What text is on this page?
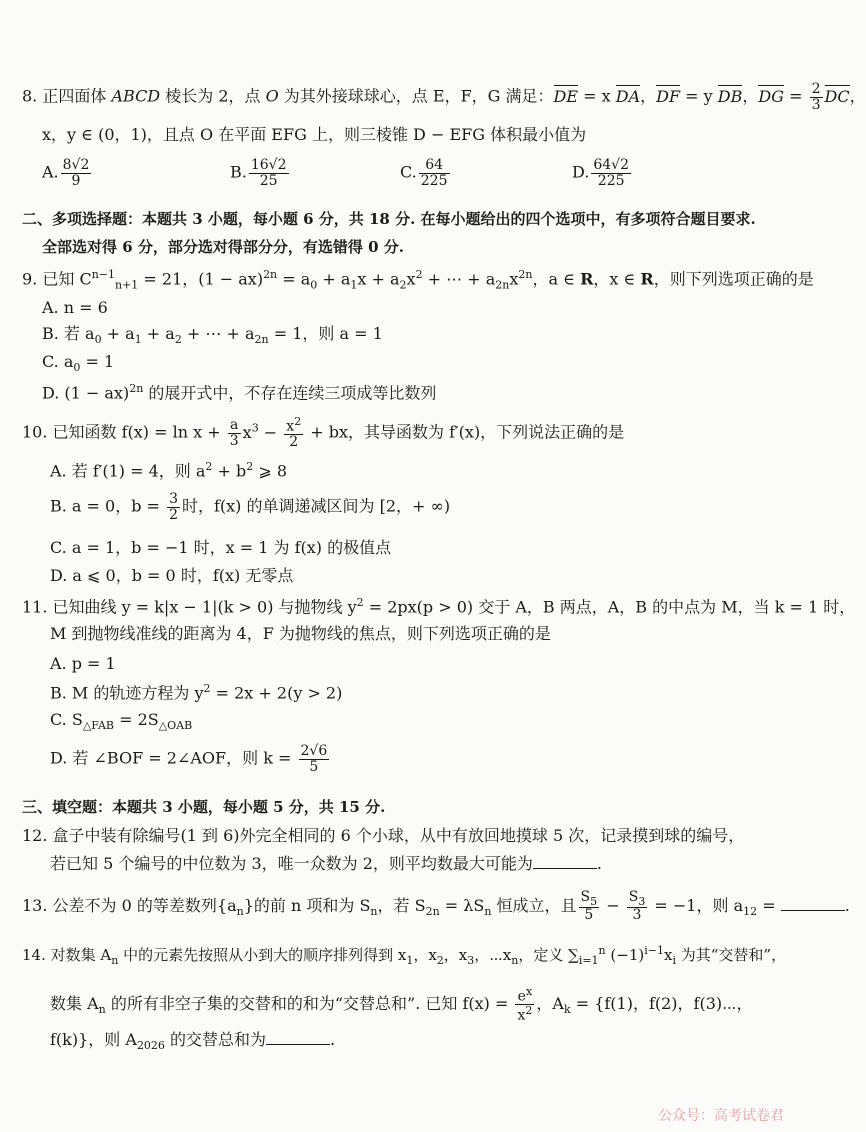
8. 正四面体 ABCD 棱长为 2，点 O 为其外接球球心，点 E，F，G 满足：DE = x DA，DF = y DB，DG = $\frac{2}{3}$ DC，
x，y ∈ (0，1)，且点 O 在平面 EFG 上，则三棱锥 D − EFG 体积最小值为
A. $\frac{8√2}{9}$	B. $\frac{16√2}{25}$	C. $\frac{64}{225}$	D. $\frac{64√2}{225}$
二、多项选择题：本题共 3 小题，每小题 6 分，共 18 分. 在每小题给出的四个选项中，有多项符合题目要求.
全部选对得 6 分，部分选对得部分分，有选错得 0 分.
9. 已知 $C^{n-1}_{n+1} = 21$，$(1 - ax)^{2n} = a_0 + a_1x + a_2x^2$ + ⋯ + $a_{2n}x^{2n}$，a ∈ R，x ∈ R，则下列选项正确的是
A. n = 6
B. 若 $a_0 + a_1 + a_2$ + ⋯ + $a_{2n} = 1$，则 a = 1
C. $a_0 = 1$
D. (1 − ax)$^{2n}$ 的展开式中，不存在连续三项成等比数列
10. 已知函数 $f(x) = \ln x + \frac{a}{3} x^3 - \frac{x^2}{2}$ + bx，其导函数为 f′(x)，下列说法正确的是
A. 若 f′(1) = 4，则 $a^2 + b^2$ ⩾ 8
B. a = 0，$b = \frac{3}{2}$ 时，f(x) 的单调递减区间为 [2，+ ∞)
C. a = 1，b = −1 时，x = 1 为 f(x) 的极值点
D. a ⩽ 0，b = 0 时，f(x) 无零点
11. 已知曲线 y = k|x − 1|(k > 0) 与抛物线 $y^2 = 2px(p > 0)$ 交于 A，B 两点，A，B 的中点为 M，当 k = 1 时，
M 到抛物线准线的距离为 4，F 为抛物线的焦点，则下列选项正确的是
A. p = 1
B. M 的轨迹方程为 $y^2 = 2x + 2(y > 2)$
C. $S_{\triangle FAB} = 2S_{\triangle OAB}$
D. 若 ∠BOF = 2∠AOF，则 $k = \frac{2√6}{5}$
三、填空题：本题共 3 小题，每小题 5 分，共 15 分.
12. 盒子中装有除编号(1 到 6)外完全相同的 6 个小球，从中有放回地摸球 5 次，记录摸到球的编号，
若已知 5 个编号的中位数为 3，唯一众数为 2，则平均数最大可能为	.
13. 公差不为 0 的等差数列$\{a_n\}$的前 n 项和为 $S_n$，若 $S_{2n} = \lambda S_n$ 恒成立，且 $\frac{S_5}{5} - \frac{S_3}{3} = -1$，则 $a_{12}$ =	.
14. 对数集 $A_n$ 中的元素先按照从小到大的顺序排列得到 $x_1$，$x_2$，$x_3$，$\cdots x_n$，定义 $\sum_{i=1}^n$ $(-1)^{i-1}x_i$ 为其“交替和”，
数集 $A_n$ 的所有非空子集的交替和的和为“交替总和”. 已知 $f(x) = \frac{e^x}{x^2}$ ，$A_k = \{f(1)$，f(2)，f(3)⋯，
f(k)}，则 $A_{2026}$ 的交替总和为	.
公众号：高考试卷君
